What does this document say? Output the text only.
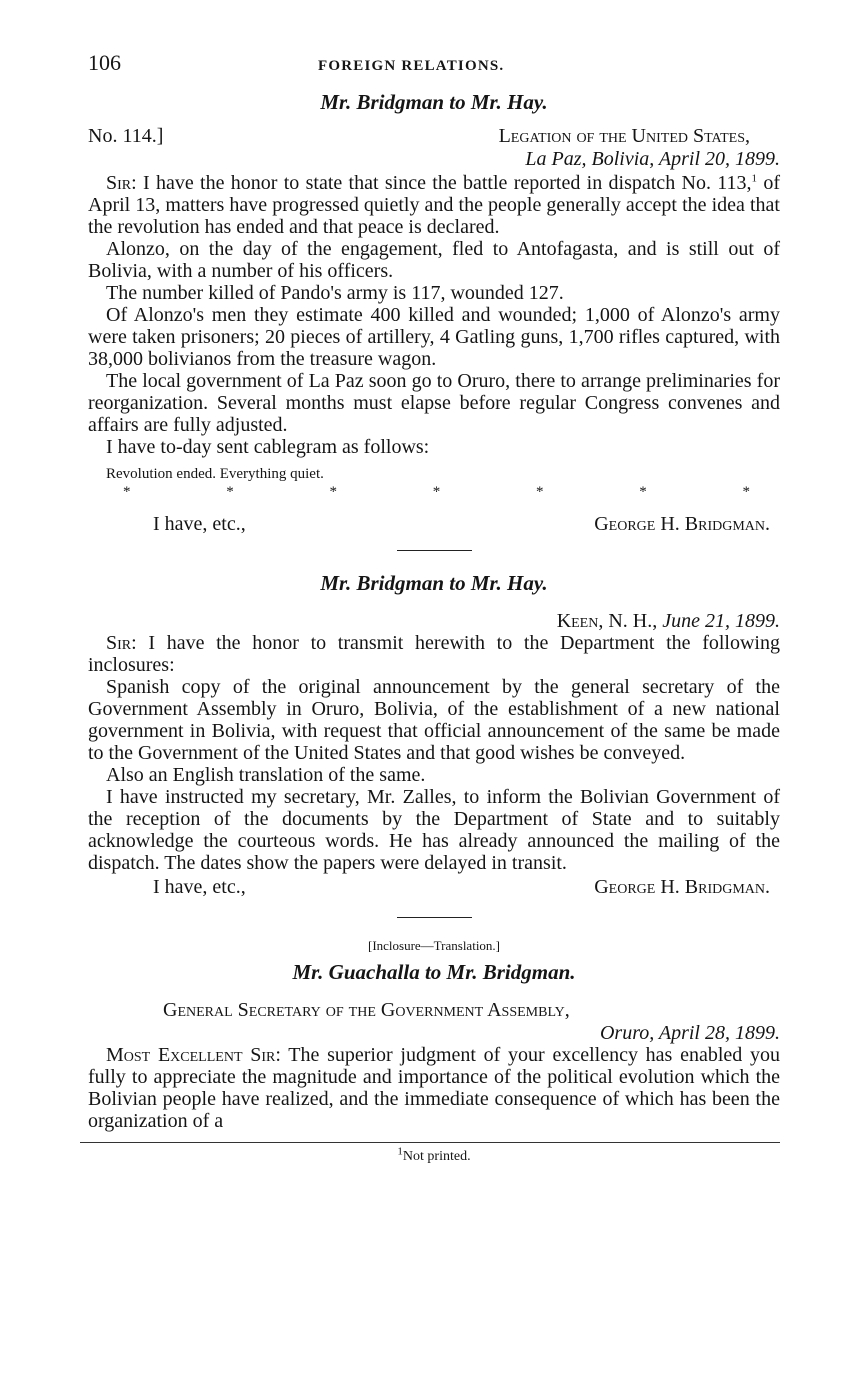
106	FOREIGN RELATIONS.
Mr. Bridgman to Mr. Hay.
No. 114.]	Legation of the United States,
La Paz, Bolivia, April 20, 1899.

Sir: I have the honor to state that since the battle reported in dispatch No. 113,$^1$ of April 13, matters have progressed quietly and the people generally accept the idea that the revolution has ended and that peace is declared.

Alonzo, on the day of the engagement, fled to Antofagasta, and is still out of Bolivia, with a number of his officers.

The number killed of Pando's army is 117, wounded 127.

Of Alonzo's men they estimate 400 killed and wounded; 1,000 of Alonzo's army were taken prisoners; 20 pieces of artillery, 4 Gatling guns, 1,700 rifles captured, with 38,000 bolivianos from the treasure wagon.

The local government of La Paz soon go to Oruro, there to arrange preliminaries for reorganization. Several months must elapse before regular Congress convenes and affairs are fully adjusted.

I have to-day sent cablegram as follows:

Revolution ended. Everything quiet.
*	*	*	*	*	*	*
I have, etc.,	George H. Bridgman.
Mr. Bridgman to Mr. Hay.
Keen, N. H., June 21, 1899.

Sir: I have the honor to transmit herewith to the Department the following inclosures:

Spanish copy of the original announcement by the general secretary of the Government Assembly in Oruro, Bolivia, of the establishment of a new national government in Bolivia, with request that official announcement of the same be made to the Government of the United States and that good wishes be conveyed.

Also an English translation of the same.

I have instructed my secretary, Mr. Zalles, to inform the Bolivian Government of the reception of the documents by the Department of State and to suitably acknowledge the courteous words. He has already announced the mailing of the dispatch. The dates show the papers were delayed in transit.

I have, etc.,	George H. Bridgman.
[Inclosure—Translation.]
Mr. Guachalla to Mr. Bridgman.
General Secretary of the Government Assembly,
Oruro, April 28, 1899.

Most Excellent Sir: The superior judgment of your excellency has enabled you fully to appreciate the magnitude and importance of the political evolution which the Bolivian people have realized, and the immediate consequence of which has been the organization of a

$^1$Not printed.
